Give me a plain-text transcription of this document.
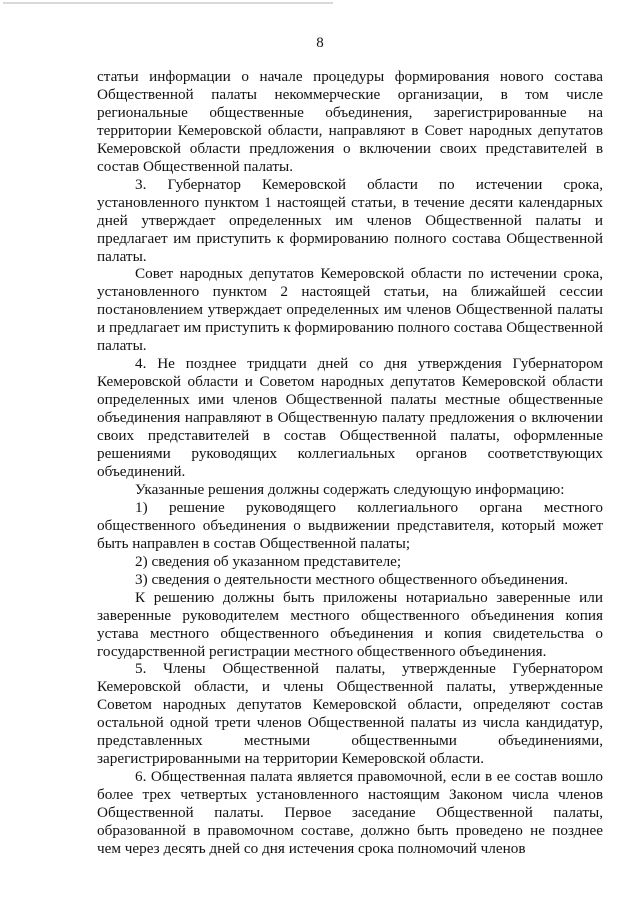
8

статьи информации о начале процедуры формирования нового состава Общественной палаты некоммерческие организации, в том числе региональные общественные объединения, зарегистрированные на территории Кемеровской области, направляют в Совет народных депутатов Кемеровской области предложения о включении своих представителей в состав Общественной палаты.

3. Губернатор Кемеровской области по истечении срока, установленного пунктом 1 настоящей статьи, в течение десяти календарных дней утверждает определенных им членов Общественной палаты и предлагает им приступить к формированию полного состава Общественной палаты.

Совет народных депутатов Кемеровской области по истечении срока, установленного пунктом 2 настоящей статьи, на ближайшей сессии постановлением утверждает определенных им членов Общественной палаты и предлагает им приступить к формированию полного состава Общественной палаты.

4. Не позднее тридцати дней со дня утверждения Губернатором Кемеровской области и Советом народных депутатов Кемеровской области определенных ими членов Общественной палаты местные общественные объединения направляют в Общественную палату предложения о включении своих представителей в состав Общественной палаты, оформленные решениями руководящих коллегиальных органов соответствующих объединений.

Указанные решения должны содержать следующую информацию:

1) решение руководящего коллегиального органа местного общественного объединения о выдвижении представителя, который может быть направлен в состав Общественной палаты;

2) сведения об указанном представителе;

3) сведения о деятельности местного общественного объединения.

К решению должны быть приложены нотариально заверенные или заверенные руководителем местного общественного объединения копия устава местного общественного объединения и копия свидетельства о государственной регистрации местного общественного объединения.

5. Члены Общественной палаты, утвержденные Губернатором Кемеровской области, и члены Общественной палаты, утвержденные Советом народных депутатов Кемеровской области, определяют состав остальной одной трети членов Общественной палаты из числа кандидатур, представленных местными общественными объединениями, зарегистрированными на территории Кемеровской области.

6. Общественная палата является правомочной, если в ее состав вошло более трех четвертых установленного настоящим Законом числа членов Общественной палаты. Первое заседание Общественной палаты, образованной в правомочном составе, должно быть проведено не позднее чем через десять дней со дня истечения срока полномочий членов
